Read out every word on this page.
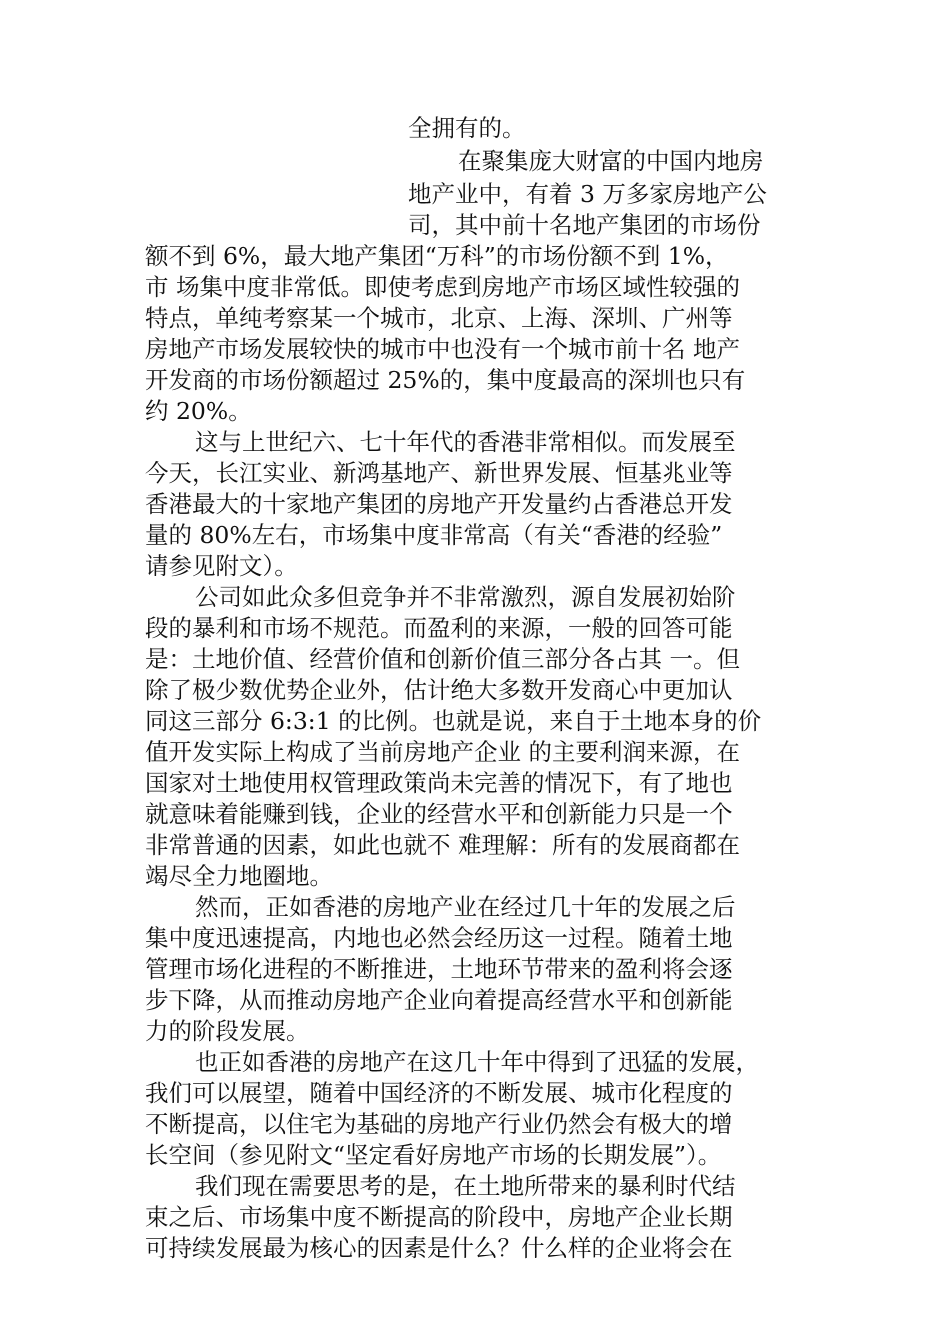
全拥有的。
在聚集庞大财富的中国内地房
地产业中，有着 3 万多家房地产公
司，其中前十名地产集团的市场份
额不到 6%，最大地产集团“万科”的市场份额不到 1%，
市 场集中度非常低。即使考虑到房地产市场区域性较强的
特点，单纯考察某一个城市，北京、上海、深圳、广州等
房地产市场发展较快的城市中也没有一个城市前十名 地产
开发商的市场份额超过 25%的，集中度最高的深圳也只有
约 20%。
这与上世纪六、七十年代的香港非常相似。而发展至
今天，长江实业、新鸿基地产、新世界发展、恒基兆业等
香港最大的十家地产集团的房地产开发量约占香港总开发
量的 80%左右，市场集中度非常高（有关“香港的经验”
请参见附文）。
公司如此众多但竞争并不非常激烈，源自发展初始阶
段的暴利和市场不规范。而盈利的来源，一般的回答可能
是：土地价值、经营价值和创新价值三部分各占其 一。但
除了极少数优势企业外，估计绝大多数开发商心中更加认
同这三部分 6:3:1 的比例。也就是说，来自于土地本身的价
值开发实际上构成了当前房地产企业 的主要利润来源，在
国家对土地使用权管理政策尚未完善的情况下，有了地也
就意味着能赚到钱，企业的经营水平和创新能力只是一个
非常普通的因素，如此也就不 难理解：所有的发展商都在
竭尽全力地圈地。
然而，正如香港的房地产业在经过几十年的发展之后
集中度迅速提高，内地也必然会经历这一过程。随着土地
管理市场化进程的不断推进，土地环节带来的盈利将会逐
步下降，从而推动房地产企业向着提高经营水平和创新能
力的阶段发展。
也正如香港的房地产在这几十年中得到了迅猛的发展，
我们可以展望，随着中国经济的不断发展、城市化程度的
不断提高，以住宅为基础的房地产行业仍然会有极大的增
长空间（参见附文“坚定看好房地产市场的长期发展”）。
我们现在需要思考的是，在土地所带来的暴利时代结
束之后、市场集中度不断提高的阶段中，房地产企业长期
可持续发展最为核心的因素是什么？什么样的企业将会在
